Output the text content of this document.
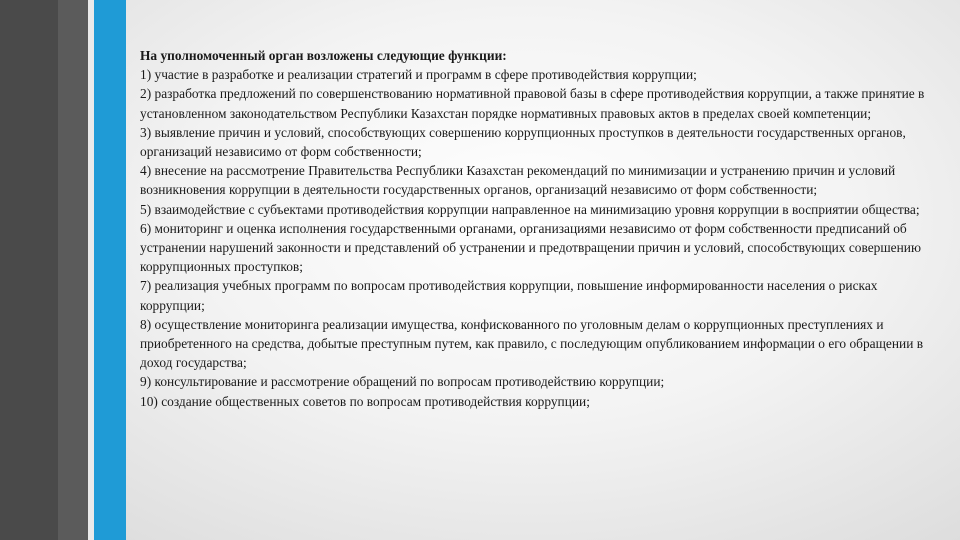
На уполномоченный орган возложены следующие функции:

1) участие в разработке и реализации стратегий и программ в сфере противодействия коррупции;

2) разработка предложений по совершенствованию нормативной правовой базы в сфере противодействия коррупции, а также принятие в установленном законодательством Республики Казахстан порядке нормативных правовых актов в пределах своей компетенции;

3) выявление причин и условий, способствующих совершению коррупционных проступков в деятельности государственных органов, организаций независимо от форм собственности;

4) внесение на рассмотрение Правительства Республики Казахстан рекомендаций по минимизации и устранению причин и условий возникновения коррупции в деятельности государственных органов, организаций независимо от форм собственности;

5) взаимодействие с субъектами противодействия коррупции направленное на минимизацию уровня коррупции в восприятии общества;

6) мониторинг и оценка исполнения государственными органами, организациями независимо от форм собственности предписаний об устранении нарушений законности и представлений об устранении и предотвращении причин и условий, способствующих совершению коррупционных проступков;

7) реализация учебных программ по вопросам противодействия коррупции, повышение информированности населения о рисках коррупции;

8) осуществление мониторинга реализации имущества, конфискованного по уголовным делам о коррупционных преступлениях и приобретенного на средства, добытые преступным путем, как правило, с последующим опубликованием информации о его обращении в доход государства;

9) консультирование и рассмотрение обращений по вопросам противодействию коррупции;

10) создание общественных советов по вопросам противодействия коррупции;
